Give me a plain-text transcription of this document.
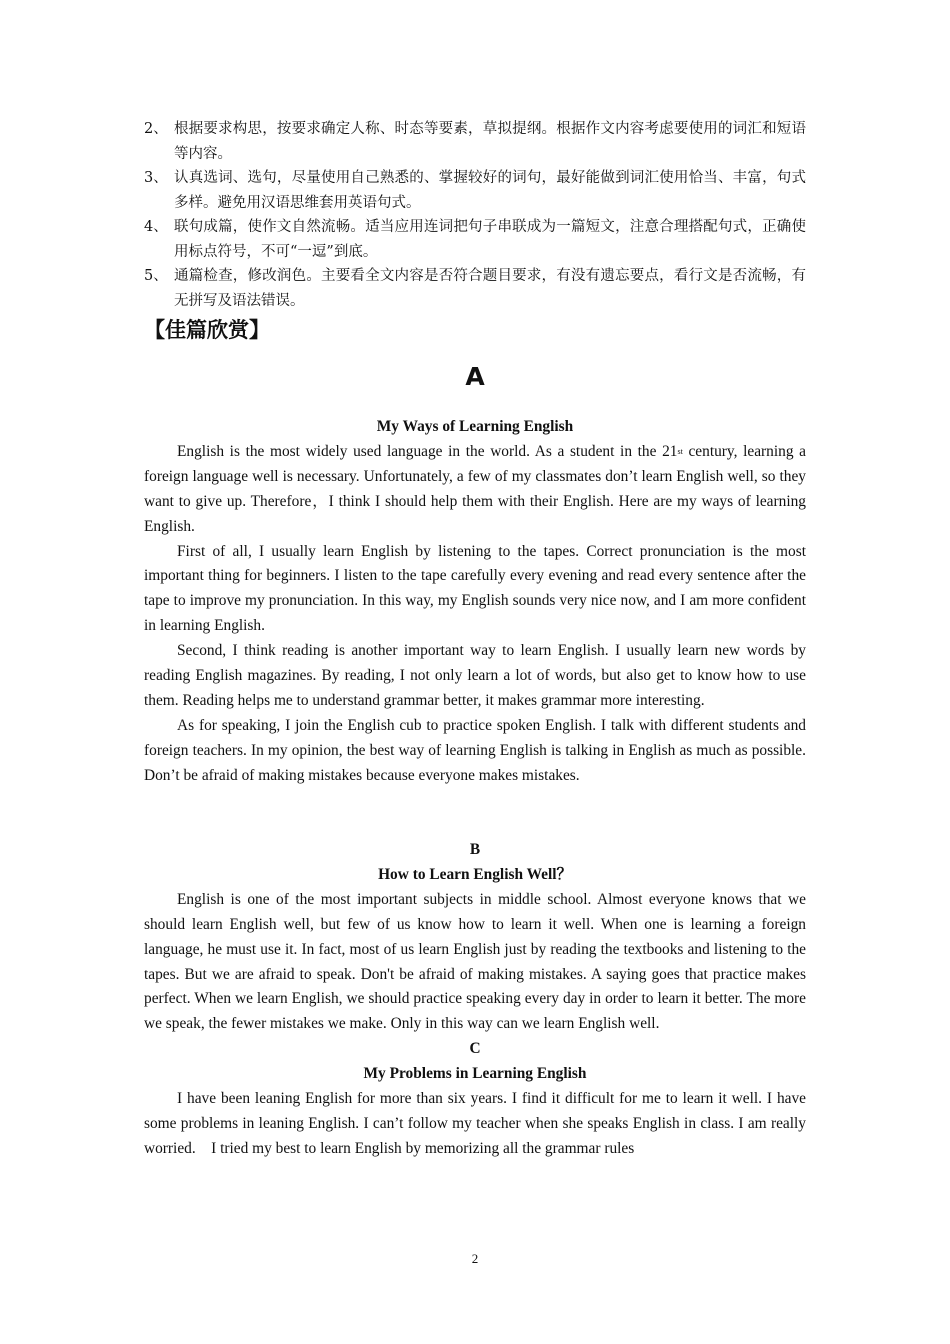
2、 根据要求构思，按要求确定人称、时态等要素，草拟提纲。根据作文内容考虑要使用的词汇和短语等内容。
3、 认真选词、选句，尽量使用自己熟悉的、掌握较好的词句，最好能做到词汇使用恰当、丰富，句式多样。避免用汉语思维套用英语句式。
4、 联句成篇，使作文自然流畅。适当应用连词把句子串联成为一篇短文，注意合理搭配句式，正确使用标点符号，不可“一逗”到底。
5、 通篇检查，修改润色。主要看全文内容是否符合题目要求，有没有遗忘要点，看行文是否流畅，有无拼写及语法错误。
【佳篇欣赏】
A
My Ways of Learning English

English is the most widely used language in the world. As a student in the 21st century, learning a foreign language well is necessary. Unfortunately, a few of my classmates don’t learn English well, so they want to give up. Therefore，I think I should help them with their English. Here are my ways of learning English.

First of all, I usually learn English by listening to the tapes. Correct pronunciation is the most important thing for beginners. I listen to the tape carefully every evening and read every sentence after the tape to improve my pronunciation. In this way, my English sounds very nice now, and I am more confident in learning English.

Second, I think reading is another important way to learn English. I usually learn new words by reading English magazines. By reading, I not only learn a lot of words, but also get to know how to use them. Reading helps me to understand grammar better, it makes grammar more interesting.

As for speaking, I join the English cub to practice spoken English. I talk with different students and foreign teachers. In my opinion, the best way of learning English is talking in English as much as possible. Don’t be afraid of making mistakes because everyone makes mistakes.

B
How to Learn English Well？

English is one of the most important subjects in middle school. Almost everyone knows that we should learn English well, but few of us know how to learn it well. When one is learning a foreign language, he must use it. In fact, most of us learn English just by reading the textbooks and listening to the tapes. But we are afraid to speak. Don't be afraid of making mistakes. A saying goes that practice makes perfect. When we learn English, we should practice speaking every day in order to learn it better. The more we speak, the fewer mistakes we make. Only in this way can we learn English well.

C
My Problems in Learning English

I have been leaning English for more than six years. I find it difficult for me to learn it well. I have some problems in leaning English. I can’t follow my teacher when she speaks English in class. I am really worried.　I tried my best to learn English by memorizing all the grammar rules

2
